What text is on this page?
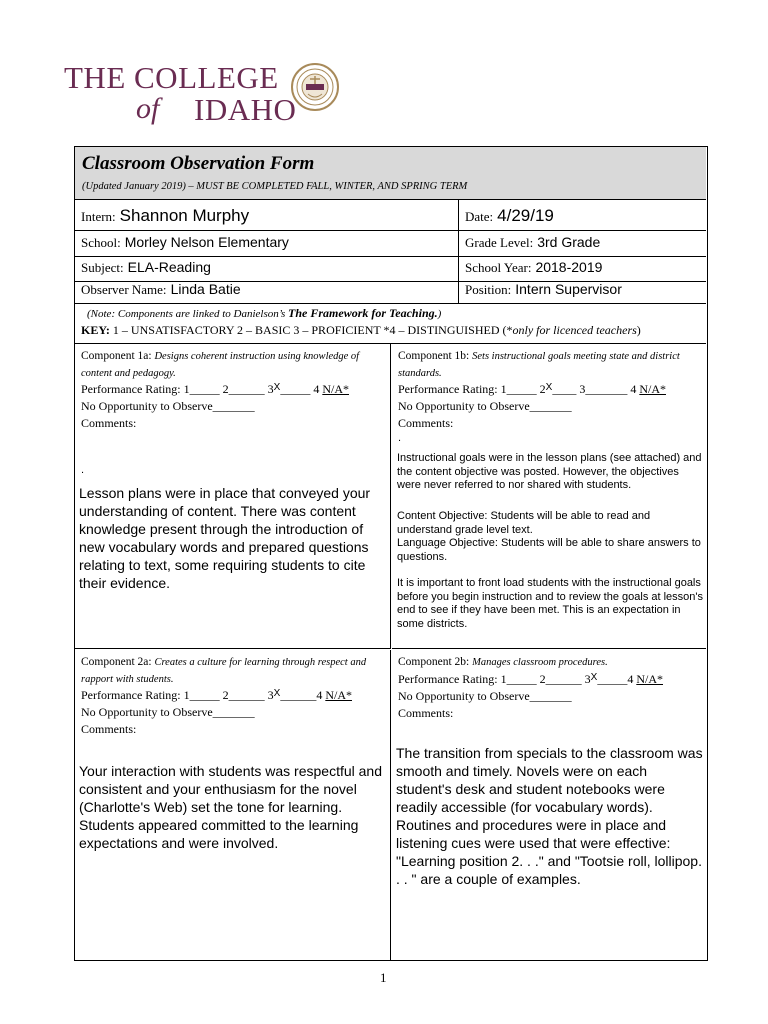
THE COLLEGE
of IDAHO
Classroom Observation Form
(Updated January 2019) – MUST BE COMPLETED FALL, WINTER, AND SPRING TERM
Intern: Shannon Murphy	Date: 4/29/19
School: Morley Nelson Elementary	Grade Level: 3rd Grade
Subject: ELA-Reading	School Year: 2018-2019
Observer Name: Linda Batie	Position: Intern Supervisor
(Note: Components are linked to Danielson’s The Framework for Teaching.)
KEY: 1 – UNSATISFACTORY 2 – BASIC 3 – PROFICIENT *4 – DISTINGUISHED (*only for licenced teachers)
Component 1a: Designs coherent instruction using knowledge of content and pedagogy.
Performance Rating: 1_____ 2______ $3^X\_\_\_\_\_$ 4 N/A*
No Opportunity to Observe_______
Comments:
.
Lesson plans were in place that conveyed your understanding of content. There was content knowledge present through the introduction of new vocabulary words and prepared questions relating to text, some requiring students to cite their evidence.
Component 1b: Sets instructional goals meeting state and district standards.
Performance Rating: 1_____ $2^X\_\_\_\_$ 3_______ 4 N/A*
No Opportunity to Observe_______
Comments:
.
Instructional goals were in the lesson plans (see attached) and the content objective was posted. However, the objectives were never referred to nor shared with students.
Content Objective: Students will be able to read and understand grade level text.
Language Objective: Students will be able to share answers to questions.
It is important to front load students with the instructional goals before you begin instruction and to review the goals at lesson's end to see if they have been met. This is an expectation in some districts.
Component 2a: Creates a culture for learning through respect and rapport with students.
Performance Rating: 1_____ 2______ $3^X\_\_\_\_\_\_4$ N/A*
No Opportunity to Observe_______
Comments:
Your interaction with students was respectful and consistent and your enthusiasm for the novel (Charlotte's Web) set the tone for learning. Students appeared committed to the learning expectations and were involved.
Component 2b: Manages classroom procedures.
Performance Rating: 1_____ 2______ $3^X\_\_\_\_\_4$ N/A*
No Opportunity to Observe_______
Comments:
The transition from specials to the classroom was smooth and timely. Novels were on each student's desk and student notebooks were readily accessible (for vocabulary words). Routines and procedures were in place and listening cues were used that were effective: "Learning position 2. . ." and "Tootsie roll, lollipop. . . " are a couple of examples.
1
